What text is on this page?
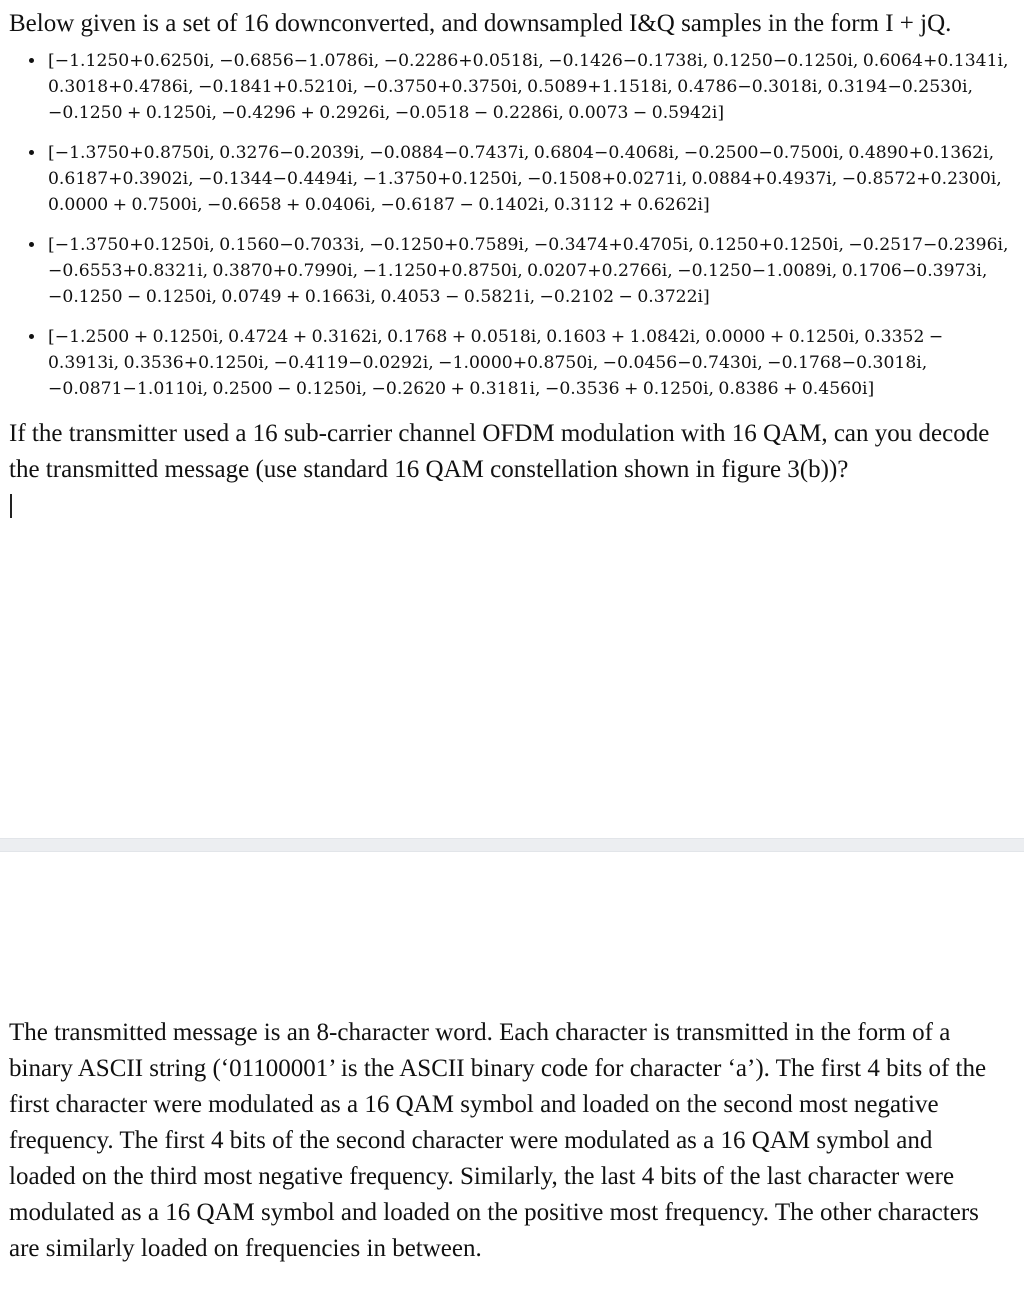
Below given is a set of 16 downconverted, and downsampled I&Q samples in the form I + jQ.

• [−1.1250+0.6250i, −0.6856−1.0786i, −0.2286+0.0518i, −0.1426−0.1738i, 0.1250−0.1250i, 0.6064+0.1341i, 0.3018+0.4786i, −0.1841+0.5210i, −0.3750+0.3750i, 0.5089+1.1518i, 0.4786−0.3018i, 0.3194−0.2530i, −0.1250 + 0.1250i, −0.4296 + 0.2926i, −0.0518 − 0.2286i, 0.0073 − 0.5942i]
• [−1.3750+0.8750i, 0.3276−0.2039i, −0.0884−0.7437i, 0.6804−0.4068i, −0.2500−0.7500i, 0.4890+0.1362i, 0.6187+0.3902i, −0.1344−0.4494i, −1.3750+0.1250i, −0.1508+0.0271i, 0.0884+0.4937i, −0.8572+0.2300i, 0.0000 + 0.7500i, −0.6658 + 0.0406i, −0.6187 − 0.1402i, 0.3112 + 0.6262i]
• [−1.3750+0.1250i, 0.1560−0.7033i, −0.1250+0.7589i, −0.3474+0.4705i, 0.1250+0.1250i, −0.2517−0.2396i, −0.6553+0.8321i, 0.3870+0.7990i, −1.1250+0.8750i, 0.0207+0.2766i, −0.1250−1.0089i, 0.1706−0.3973i, −0.1250 − 0.1250i, 0.0749 + 0.1663i, 0.4053 − 0.5821i, −0.2102 − 0.3722i]
• [−1.2500 + 0.1250i, 0.4724 + 0.3162i, 0.1768 + 0.0518i, 0.1603 + 1.0842i, 0.0000 + 0.1250i, 0.3352 − 0.3913i, 0.3536+0.1250i, −0.4119−0.0292i, −1.0000+0.8750i, −0.0456−0.7430i, −0.1768−0.3018i, −0.0871−1.0110i, 0.2500 − 0.1250i, −0.2620 + 0.3181i, −0.3536 + 0.1250i, 0.8386 + 0.4560i]

If the transmitter used a 16 sub-carrier channel OFDM modulation with 16 QAM, can you decode the transmitted message (use standard 16 QAM constellation shown in figure 3(b))?

The transmitted message is an 8-character word. Each character is transmitted in the form of a binary ASCII string (‘01100001’ is the ASCII binary code for character ‘a’). The first 4 bits of the first character were modulated as a 16 QAM symbol and loaded on the second most negative frequency. The first 4 bits of the second character were modulated as a 16 QAM symbol and loaded on the third most negative frequency. Similarly, the last 4 bits of the last character were modulated as a 16 QAM symbol and loaded on the positive most frequency. The other characters are similarly loaded on frequencies in between.
